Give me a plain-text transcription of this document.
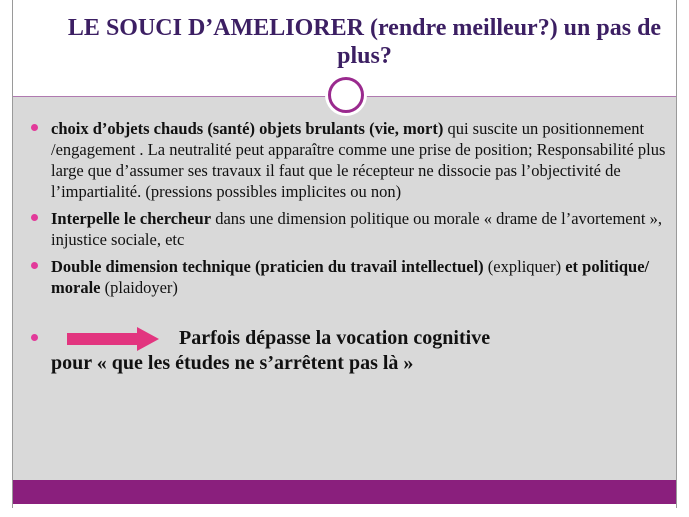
LE SOUCI D’AMELIORER (rendre meilleur?) un pas de plus?
choix d’objets chauds (santé) objets brulants (vie, mort) qui suscite un positionnement /engagement . La neutralité peut apparaître comme une prise de position; Responsabilité plus large que d’assumer ses travaux il faut que le récepteur ne dissocie pas l’objectivité de l’impartialité. (pressions possibles implicites ou non)
Interpelle le chercheur dans une dimension politique ou morale « drame de l’avortement », injustice sociale, etc
Double dimension technique (praticien du travail intellectuel) (expliquer) et politique/ morale (plaidoyer)
Parfois dépasse la vocation cognitive
pour « que les études ne s’arrêtent pas là »
